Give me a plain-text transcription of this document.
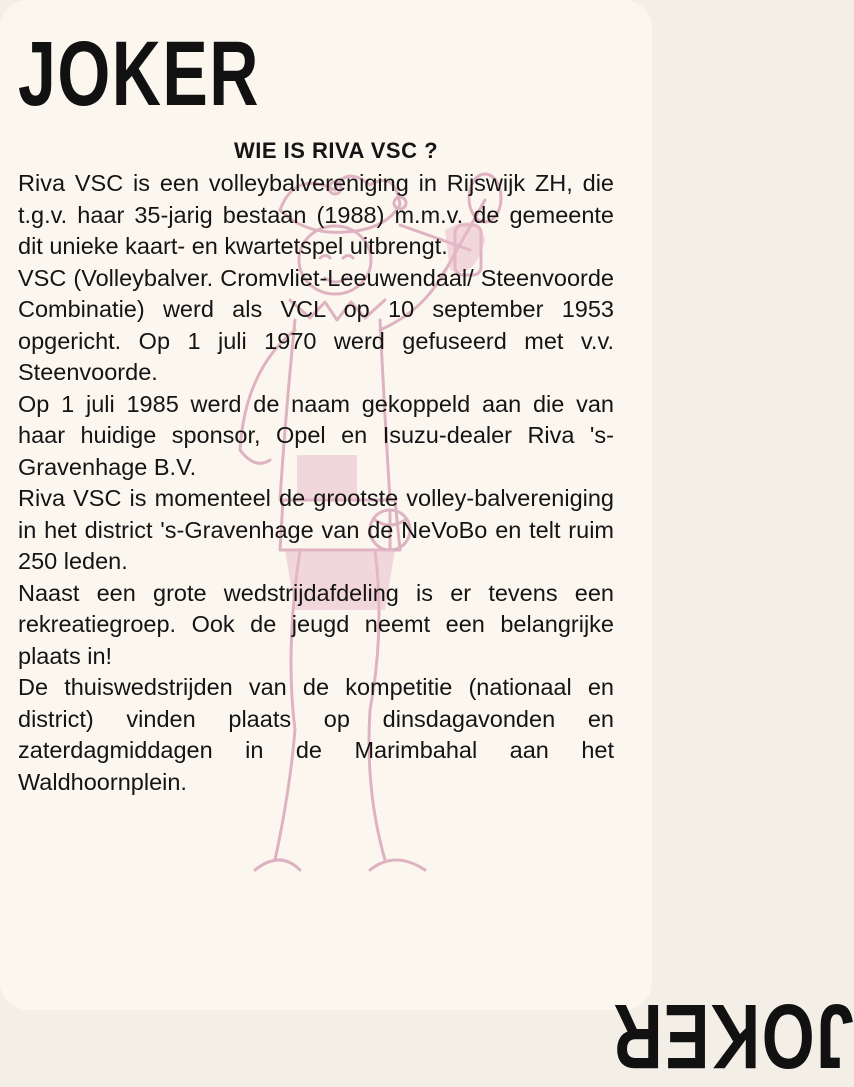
JOKER
WIE IS RIVA VSC ?

Riva VSC is een volleybalvereniging in Rijswijk ZH, die t.g.v. haar 35-jarig bestaan (1988) m.m.v. de gemeente dit unieke kaart- en kwartetspel uitbrengt.

VSC (Volleybalver. Cromvliet-Leeuwendaal/ Steenvoorde Combinatie) werd als VCL op 10 september 1953 opgericht. Op 1 juli 1970 werd gefuseerd met v.v. Steenvoorde.

Op 1 juli 1985 werd de naam gekoppeld aan die van haar huidige sponsor, Opel en Isuzu-dealer Riva 's-Gravenhage B.V.

Riva VSC is momenteel de grootste volley-balvereniging in het district 's-Gravenhage van de NeVoBo en telt ruim 250 leden.

Naast een grote wedstrijdafdeling is er tevens een rekreatiegroep. Ook de jeugd neemt een belangrijke plaats in!

De thuiswedstrijden van de kompetitie (nationaal en district) vinden plaats op dinsdagavonden en zaterdagmiddagen in de Marimbahal aan het Waldhoornplein.

JOKER
